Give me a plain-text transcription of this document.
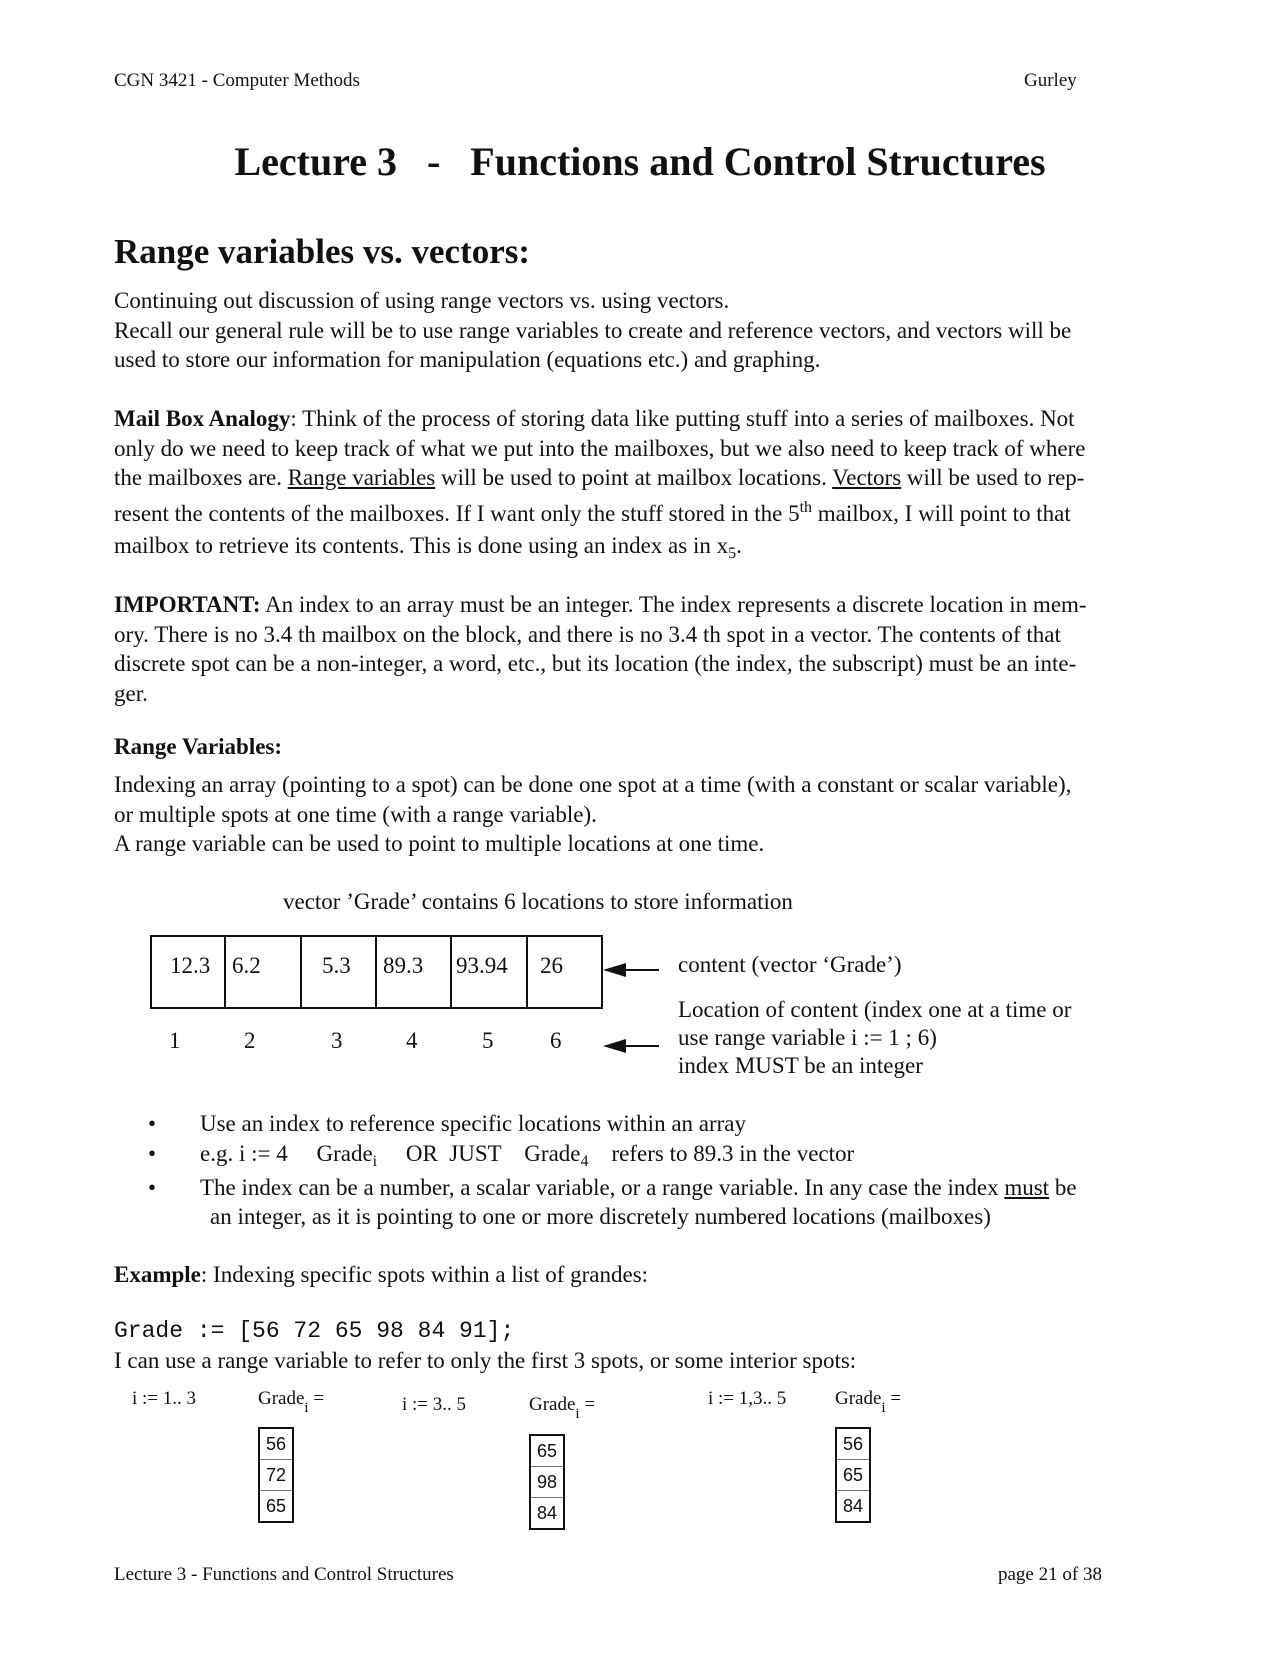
CGN 3421 - Computer Methods	Gurley
Lecture 3   -   Functions and Control Structures
Range variables vs. vectors:
Continuing out discussion of using range vectors vs. using vectors.
Recall our general rule will be to use range variables to create and reference vectors, and vectors will be
used to store our information for manipulation (equations etc.) and graphing.
Mail Box Analogy: Think of the process of storing data like putting stuff into a series of mailboxes. Not
only do we need to keep track of what we put into the mailboxes, but we also need to keep track of where
the mailboxes are. Range variables will be used to point at mailbox locations. Vectors will be used to rep-
resent the contents of the mailboxes. If I want only the stuff stored in the 5th mailbox, I will point to that
mailbox to retrieve its contents. This is done using an index as in $x_5$.
IMPORTANT: An index to an array must be an integer. The index represents a discrete location in mem-
ory. There is no 3.4 th mailbox on the block, and there is no 3.4 th spot in a vector. The contents of that
discrete spot can be a non-integer, a word, etc., but its location (the index, the subscript) must be an inte-
ger.
Range Variables:
Indexing an array (pointing to a spot) can be done one spot at a time (with a constant or scalar variable),
or multiple spots at one time (with a range variable).
A range variable can be used to point to multiple locations at one time.
vector ’Grade’ contains 6 locations to store information
12.3 6.2	5.3	89.3	93.94	26
1	2	3	4	5 6
content (vector ‘Grade’)
Location of content (index one at a time or
use range variable i := 1 ; 6)
index MUST be an integer
• Use an index to reference specific locations within an array
• e.g. i := 4     Grade$_i$     OR  JUST    Grade$_4$    refers to 89.3 in the vector
• The index can be a number, a scalar variable, or a range variable. In any case the index must be
an integer, as it is pointing to one or more discretely numbered locations (mailboxes)
Example: Indexing specific spots within a list of grandes:
Grade := [56 72 65 98 84 91];
I can use a range variable to refer to only the first 3 spots, or some interior spots:
i := 1.. 3	Grade$_i$ =
56
72
65
i := 3.. 5	Grade$_i$ =
65
98
84
i := 1,3.. 5	Grade$_i$ =
56
65
84
Lecture 3 - Functions and Control Structures	page 21 of 38
